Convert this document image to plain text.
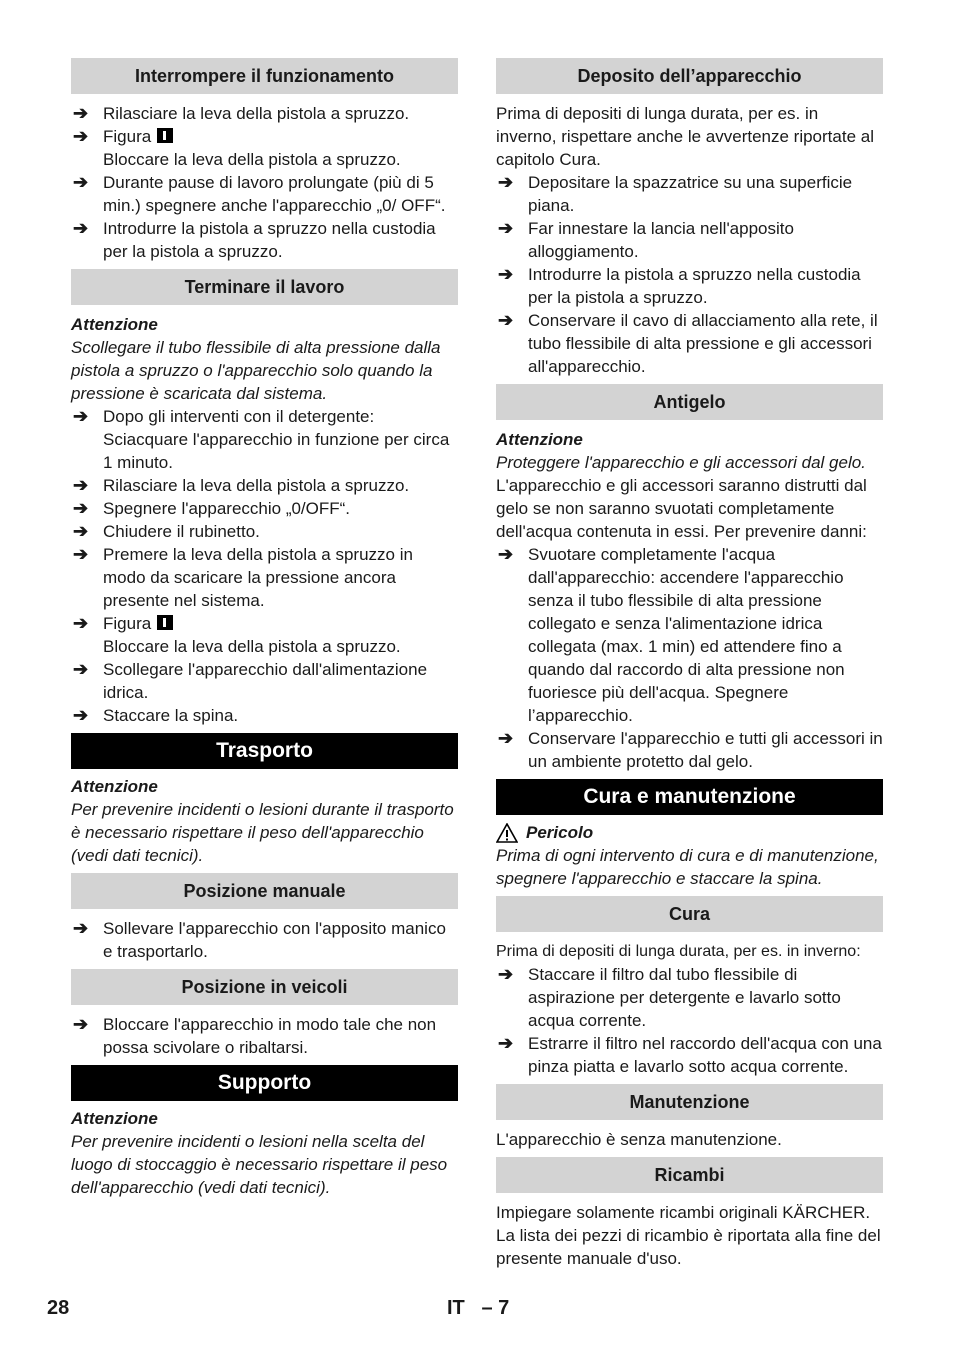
Interrompere il funzionamento
➔ Rilasciare la leva della pistola a spruzzo.
➔ Figura
Bloccare la leva della pistola a spruzzo.
➔ Durante pause di lavoro prolungate (più di 5 min.) spegnere anche l'apparecchio „0/ OFF“.
➔ Introdurre la pistola a spruzzo nella custodia per la pistola a spruzzo.
Terminare il lavoro
Attenzione
Scollegare il tubo flessibile di alta pressione dalla pistola a spruzzo o l'apparecchio solo quando la pressione è scaricata dal sistema.
➔ Dopo gli interventi con il detergente: Sciacquare l'apparecchio in funzione per circa 1 minuto.
➔ Rilasciare la leva della pistola a spruzzo.
➔ Spegnere l'apparecchio „0/OFF“.
➔ Chiudere il rubinetto.
➔ Premere la leva della pistola a spruzzo in modo da scaricare la pressione ancora presente nel sistema.
➔ Figura
Bloccare la leva della pistola a spruzzo.
➔ Scollegare l'apparecchio dall'alimentazione idrica.
➔ Staccare la spina.
Trasporto
Attenzione
Per prevenire incidenti o lesioni durante il trasporto è necessario rispettare il peso dell'apparecchio (vedi dati tecnici).
Posizione manuale
➔ Sollevare l'apparecchio con l'apposito manico e trasportarlo.
Posizione in veicoli
➔ Bloccare l'apparecchio in modo tale che non possa scivolare o ribaltarsi.
Supporto
Attenzione
Per prevenire incidenti o lesioni nella scelta del luogo di stoccaggio è necessario rispettare il peso dell'apparecchio (vedi dati tecnici).
Deposito dell’apparecchio
Prima di depositi di lunga durata, per es. in inverno, rispettare anche le avvertenze riportate al capitolo Cura.
➔ Depositare la spazzatrice su una superficie piana.
➔ Far innestare la lancia nell'apposito alloggiamento.
➔ Introdurre la pistola a spruzzo nella custodia per la pistola a spruzzo.
➔ Conservare il cavo di allacciamento alla rete, il tubo flessibile di alta pressione e gli accessori all'apparecchio.
Antigelo
Attenzione
Proteggere l'apparecchio e gli accessori dal gelo.
L'apparecchio e gli accessori saranno distrutti dal gelo se non saranno svuotati completamente dell'acqua contenuta in essi. Per prevenire danni:
➔ Svuotare completamente l'acqua dall'apparecchio: accendere l'apparecchio senza il tubo flessibile di alta pressione collegato e senza l'alimentazione idrica collegata (max. 1 min) ed attendere fino a quando dal raccordo di alta pressione non fuoriesce più dell'acqua. Spegnere l’apparecchio.
➔ Conservare l'apparecchio e tutti gli accessori in un ambiente protetto dal gelo.
Cura e manutenzione
Pericolo
Prima di ogni intervento di cura e di manutenzione, spegnere l'apparecchio e staccare la spina.
Cura
Prima di depositi di lunga durata, per es. in inverno:
➔ Staccare il filtro dal tubo flessibile di aspirazione per detergente e lavarlo sotto acqua corrente.
➔ Estrarre il filtro nel raccordo dell'acqua con una pinza piatta e lavarlo sotto acqua corrente.
Manutenzione
L'apparecchio è senza manutenzione.
Ricambi
Impiegare solamente ricambi originali KÄRCHER. La lista dei pezzi di ricambio è riportata alla fine del presente manuale d'uso.
28	IT   – 7
